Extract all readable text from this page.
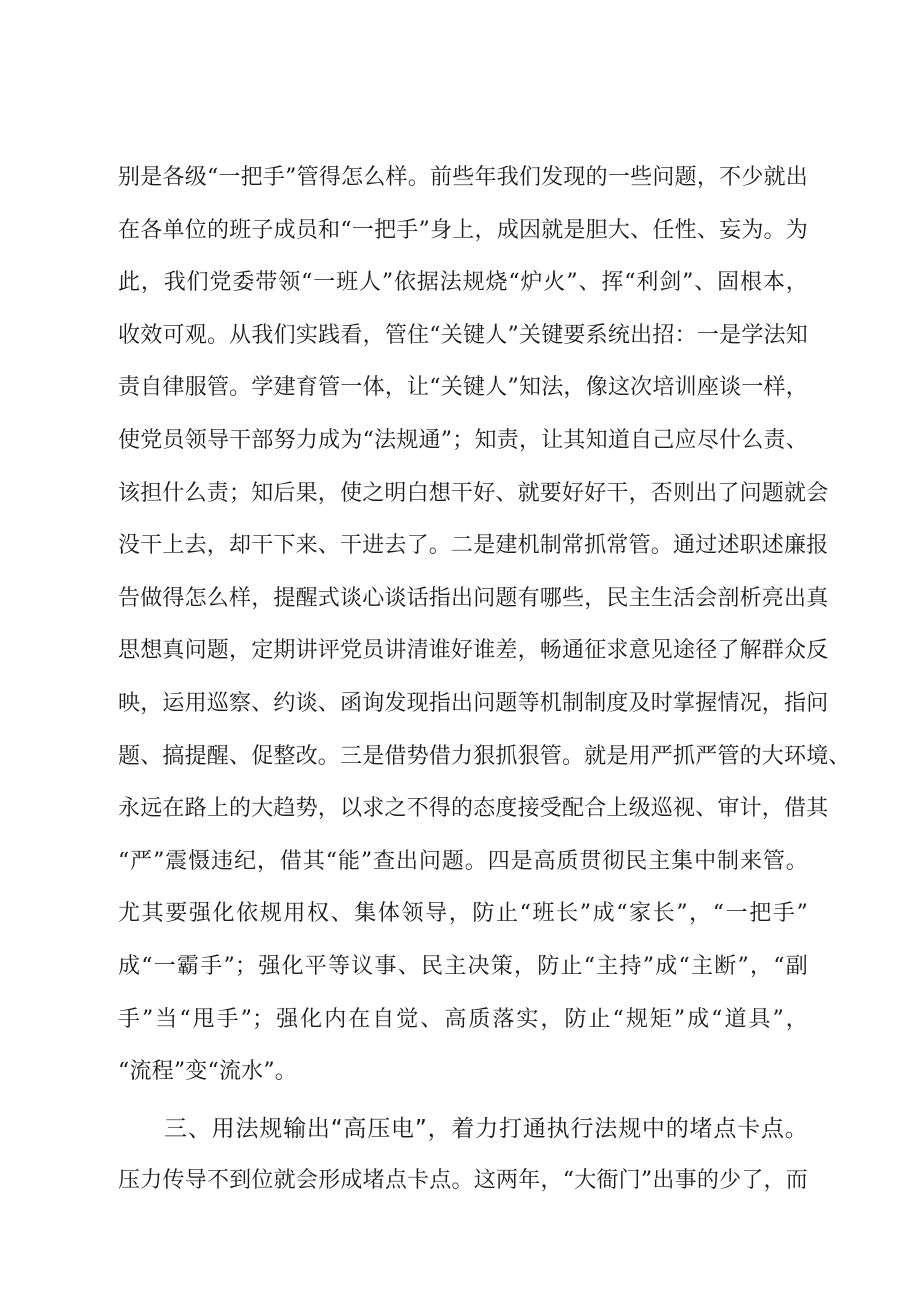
别是各级“一把手”管得怎么样。前些年我们发现的一些问题，不少就出
在各单位的班子成员和“一把手”身上，成因就是胆大、任性、妄为。为
此，我们党委带领“一班人”依据法规烧“炉火”、挥“利剑”、固根本，
收效可观。从我们实践看，管住“关键人”关键要系统出招：一是学法知
责自律服管。学建育管一体，让“关键人”知法，像这次培训座谈一样，
使党员领导干部努力成为“法规通”；知责，让其知道自己应尽什么责、
该担什么责；知后果，使之明白想干好、就要好好干，否则出了问题就会
没干上去，却干下来、干进去了。二是建机制常抓常管。通过述职述廉报
告做得怎么样，提醒式谈心谈话指出问题有哪些，民主生活会剖析亮出真
思想真问题，定期讲评党员讲清谁好谁差，畅通征求意见途径了解群众反
映，运用巡察、约谈、函询发现指出问题等机制制度及时掌握情况，指问
题、搞提醒、促整改。三是借势借力狠抓狠管。就是用严抓严管的大环境、
永远在路上的大趋势，以求之不得的态度接受配合上级巡视、审计，借其
“严”震慑违纪，借其“能”查出问题。四是高质贯彻民主集中制来管。
尤其要强化依规用权、集体领导，防止“班长”成“家长”，“一把手”
成“一霸手”；强化平等议事、民主决策，防止“主持”成“主断”，“副
手”当“甩手”；强化内在自觉、高质落实，防止“规矩”成“道具”，
“流程”变“流水”。
三、用法规输出“高压电”，着力打通执行法规中的堵点卡点。
压力传导不到位就会形成堵点卡点。这两年，“大衙门”出事的少了，而
